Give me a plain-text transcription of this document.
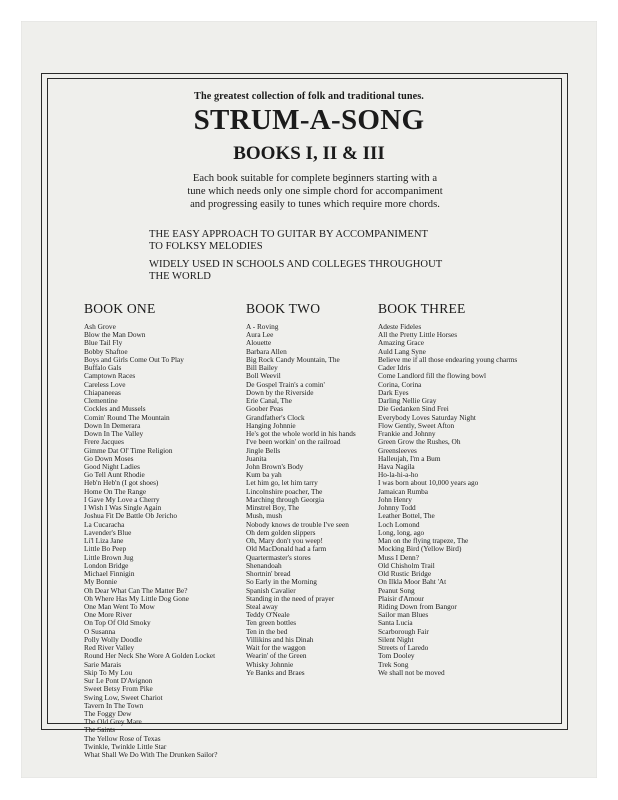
The greatest collection of folk and traditional tunes.
STRUM-A-SONG
BOOKS I, II & III
Each book suitable for complete beginners starting with a
tune which needs only one simple chord for accompaniment
and progressing easily to tunes which require more chords.
THE EASY APPROACH TO GUITAR BY ACCOMPANIMENT
TO FOLKSY MELODIES
WIDELY USED IN SCHOOLS AND COLLEGES THROUGHOUT
THE WORLD
BOOK ONE
Ash Grove
Blow the Man Down
Blue Tail Fly
Bobby Shaftoe
Boys and Girls Come Out To Play
Buffalo Gals
Camptown Races
Careless Love
Chiapaneeas
Clementine
Cockles and Mussels
Comin' Round The Mountain
Down In Demerara
Down In The Valley
Frere Jacques
Gimme Dat Ol' Time Religion
Go Down Moses
Good Night Ladies
Go Tell Aunt Rhodie
Heb'n Heb'n (I got shoes)
Home On The Range
I Gave My Love a Cherry
I Wish I Was Single Again
Joshua Fit De Battle Ob Jericho
La Cucaracha
Lavender's Blue
Li'l Liza Jane
Little Bo Peep
Little Brown Jug
London Bridge
Michael Finnigin
My Bonnie
Oh Dear What Can The Matter Be?
Oh Where Has My Little Dog Gone
One Man Went To Mow
One More River
On Top Of Old Smoky
O Susanna
Polly Wolly Doodle
Red River Valley
Round Her Neck She Wore A Golden Locket
Sarie Marais
Skip To My Lou
Sur Le Pont D'Avignon
Sweet Betsy From Pike
Swing Low, Sweet Chariot
Tavern In The Town
The Foggy Dew
The Old Grey Mare
The Saints
The Yellow Rose of Texas
Twinkle, Twinkle Little Star
What Shall We Do With The Drunken Sailor?
BOOK TWO
A - Roving
Aura Lee
Alouette
Barbara Allen
Big Rock Candy Mountain, The
Bill Bailey
Boll Weevil
De Gospel Train's a comin'
Down by the Riverside
Erie Canal, The
Goober Peas
Grandfather's Clock
Hanging Johnnie
He's got the whole world in his hands
I've been workin' on the railroad
Jingle Bells
Juanita
John Brown's Body
Kum ba yah
Let him go, let him tarry
Lincolnshire poacher, The
Marching through Georgia
Minstrel Boy, The
Mush, mush
Nobody knows de trouble I've seen
Oh dem golden slippers
Oh, Mary don't you weep!
Old MacDonald had a farm
Quartermaster's stores
Shenandoah
Shortnin' bread
So Early in the Morning
Spanish Cavalier
Standing in the need of prayer
Steal away
Teddy O'Neale
Ten green bottles
Ten in the bed
Villikins and his Dinah
Wait for the waggon
Wearin' of the Green
Whisky Johnnie
Ye Banks and Braes
BOOK THREE
Adeste Fideles
All the Pretty Little Horses
Amazing Grace
Auld Lang Syne
Believe me if all those endearing young charms
Cader Idris
Come Landlord fill the flowing bowl
Corina, Corina
Dark Eyes
Darling Nellie Gray
Die Gedanken Sind Frei
Everybody Loves Saturday Night
Flow Gently, Sweet Afton
Frankie and Johnny
Green Grow the Rushes, Oh
Greensleeves
Halleujah, I'm a Bum
Hava Nagila
Ho-la-hi-a-ho
I was born about 10,000 years ago
Jamaican Rumba
John Henry
Johnny Todd
Leather Bottel, The
Loch Lomond
Long, long, ago
Man on the flying trapeze, The
Mocking Bird (Yellow Bird)
Muss I Denn?
Old Chisholm Trail
Old Rustic Bridge
On Ilkla Moor Baht 'At
Peanut Song
Plaisir d'Amour
Riding Down from Bangor
Sailor man Blues
Santa Lucia
Scarborough Fair
Silent Night
Streets of Laredo
Tom Dooley
Trek Song
We shall not be moved
